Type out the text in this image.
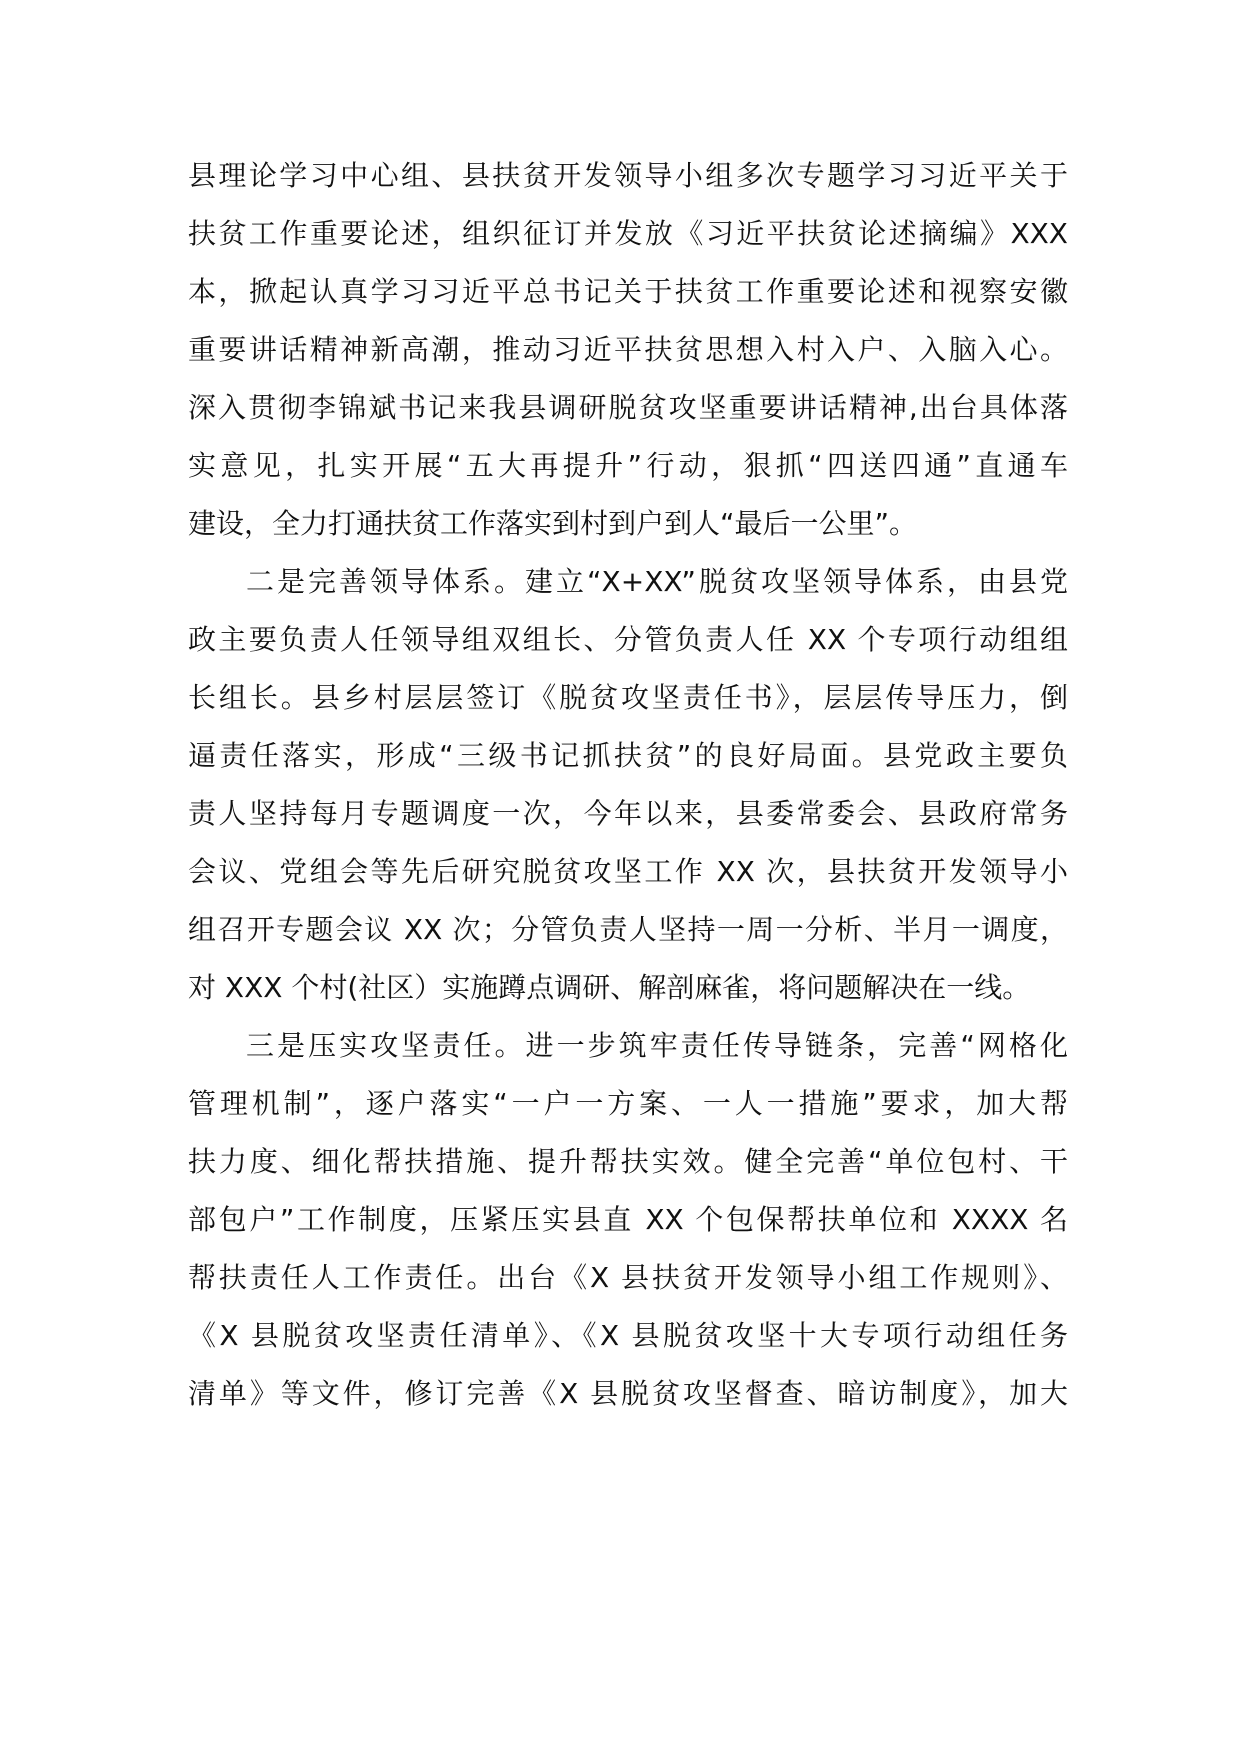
县理论学习中心组、县扶贫开发领导小组多次专题学习习近平关于
扶贫工作重要论述，组织征订并发放《习近平扶贫论述摘编》XXX
本，掀起认真学习习近平总书记关于扶贫工作重要论述和视察安徽
重要讲话精神新高潮，推动习近平扶贫思想入村入户、入脑入心。
深入贯彻李锦斌书记来我县调研脱贫攻坚重要讲话精神,出台具体落
实意见，扎实开展“五大再提升”行动，狠抓“四送四通”直通车
建设，全力打通扶贫工作落实到村到户到人“最后一公里”。
二是完善领导体系。建立“X+XX”脱贫攻坚领导体系，由县党
政主要负责人任领导组双组长、分管负责人任 XX 个专项行动组组
长组长。县乡村层层签订《脱贫攻坚责任书》，层层传导压力，倒
逼责任落实，形成“三级书记抓扶贫”的良好局面。县党政主要负
责人坚持每月专题调度一次，今年以来，县委常委会、县政府常务
会议、党组会等先后研究脱贫攻坚工作 XX 次，县扶贫开发领导小
组召开专题会议 XX 次；分管负责人坚持一周一分析、半月一调度，
对 XXX 个村(社区）实施蹲点调研、解剖麻雀，将问题解决在一线。
三是压实攻坚责任。进一步筑牢责任传导链条，完善“网格化
管理机制”，逐户落实“一户一方案、一人一措施”要求，加大帮
扶力度、细化帮扶措施、提升帮扶实效。健全完善“单位包村、干
部包户”工作制度，压紧压实县直 XX 个包保帮扶单位和 XXXX 名
帮扶责任人工作责任。出台《X 县扶贫开发领导小组工作规则》、
《X 县脱贫攻坚责任清单》、《X 县脱贫攻坚十大专项行动组任务
清单》等文件，修订完善《X 县脱贫攻坚督查、暗访制度》，加大
